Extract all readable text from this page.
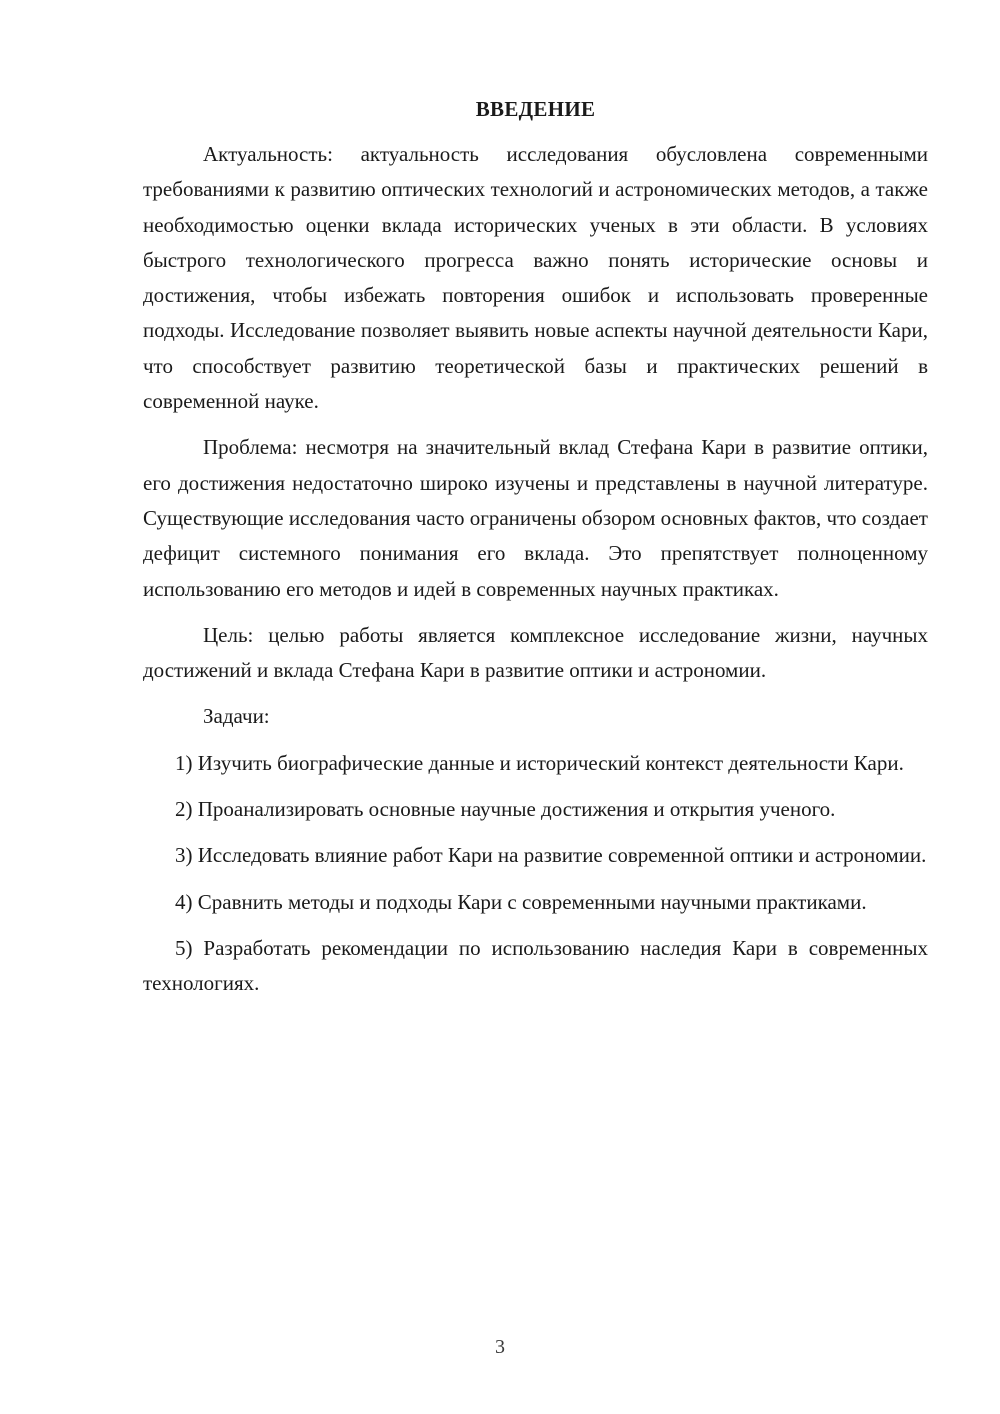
ВВЕДЕНИЕ

Актуальность: актуальность исследования обусловлена современными требованиями к развитию оптических технологий и астрономических методов, а также необходимостью оценки вклада исторических ученых в эти области. В условиях быстрого технологического прогресса важно понять исторические основы и достижения, чтобы избежать повторения ошибок и использовать проверенные подходы. Исследование позволяет выявить новые аспекты научной деятельности Кари, что способствует развитию теоретической базы и практических решений в современной науке.

Проблема: несмотря на значительный вклад Стефана Кари в развитие оптики, его достижения недостаточно широко изучены и представлены в научной литературе. Существующие исследования часто ограничены обзором основных фактов, что создает дефицит системного понимания его вклада. Это препятствует полноценному использованию его методов и идей в современных научных практиках.

Цель: целью работы является комплексное исследование жизни, научных достижений и вклада Стефана Кари в развитие оптики и астрономии.

Задачи:

1) Изучить биографические данные и исторический контекст деятельности Кари.

2) Проанализировать основные научные достижения и открытия ученого.

3) Исследовать влияние работ Кари на развитие современной оптики и астрономии.

4) Сравнить методы и подходы Кари с современными научными практиками.

5) Разработать рекомендации по использованию наследия Кари в современных технологиях.

3
